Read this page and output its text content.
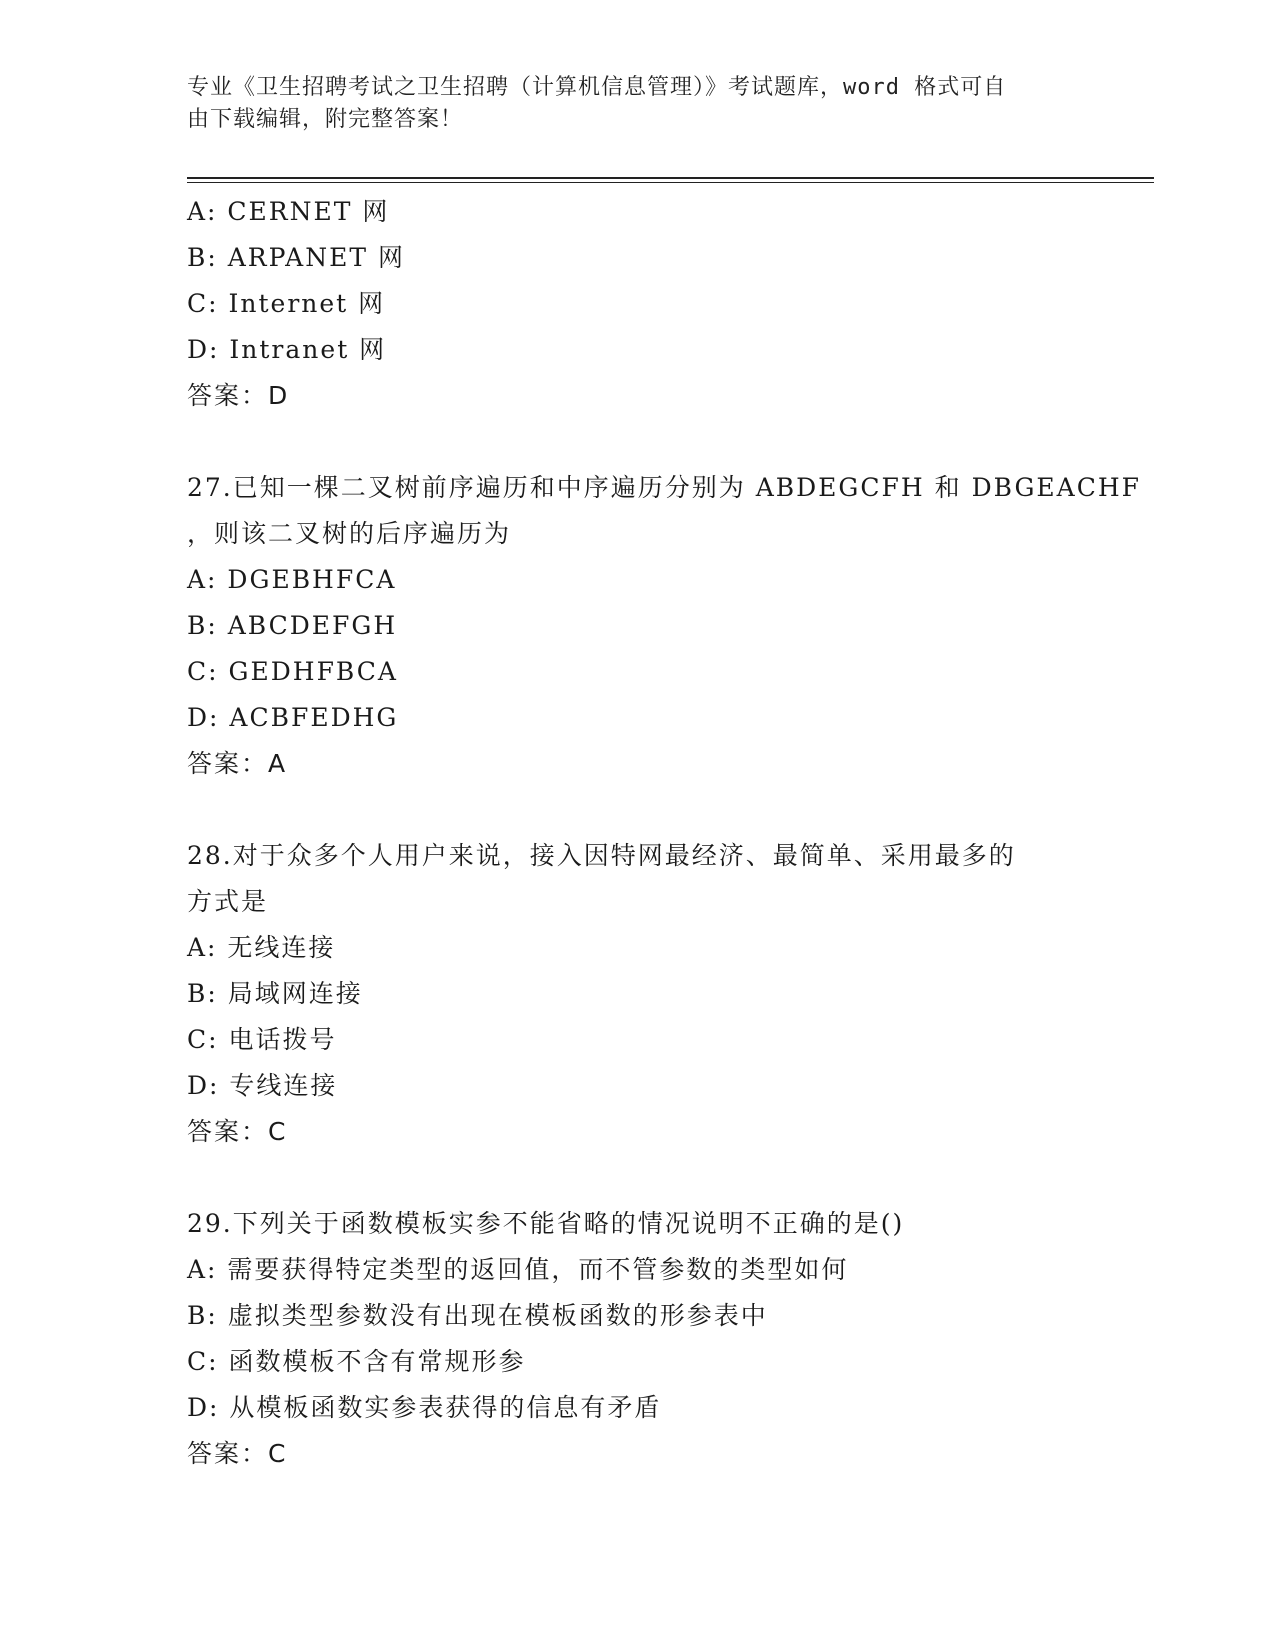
专业《卫生招聘考试之卫生招聘（计算机信息管理）》考试题库，word 格式可自
由下载编辑，附完整答案！
A: CERNET 网
B: ARPANET 网
C: Internet 网
D: Intranet 网
答案：D
27.已知一棵二叉树前序遍历和中序遍历分别为 ABDEGCFH 和 DBGEACHF
，则该二叉树的后序遍历为
A: DGEBHFCA
B: ABCDEFGH
C: GEDHFBCA
D: ACBFEDHG
答案：A
28.对于众多个人用户来说，接入因特网最经济、最简单、采用最多的
方式是
A: 无线连接
B: 局域网连接
C: 电话拨号
D: 专线连接
答案：C
29.下列关于函数模板实参不能省略的情况说明不正确的是()
A: 需要获得特定类型的返回值，而不管参数的类型如何
B: 虚拟类型参数没有出现在模板函数的形参表中
C: 函数模板不含有常规形参
D: 从模板函数实参表获得的信息有矛盾
答案：C
